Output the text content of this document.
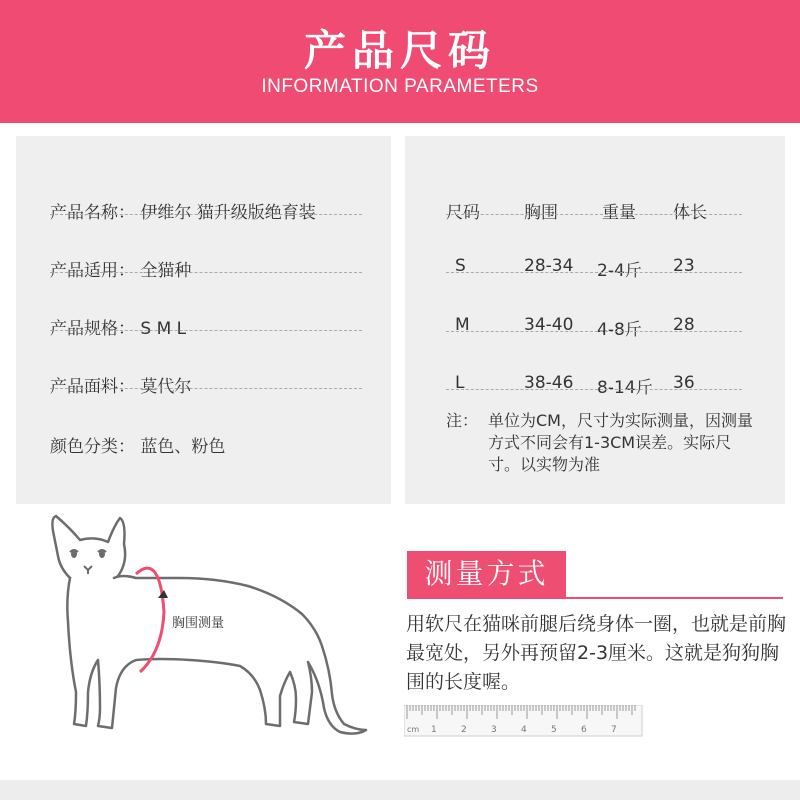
产品尺码
INFORMATION PARAMETERS
产品名称： 伊维尔 猫升级版绝育装
产品适用： 全猫种
产品规格： S M L
产品面料： 莫代尔
颜色分类： 蓝色、粉色
尺码	胸围	重量 体长
S	28-34 2-4斤 23
M	34-40 4-8斤 28
L	38-46 8-14斤 36
注： 单位为CM，尺寸为实际测量，因测量方式不同会有1-3CM误差。实际尺寸。以实物为准
胸围测量
测量方式
用软尺在猫咪前腿后绕身体一圈，也就是前胸最宽处，另外再预留2-3厘米。这就是狗狗胸围的长度喔。
cm 1	2	3	4	5	6	7
